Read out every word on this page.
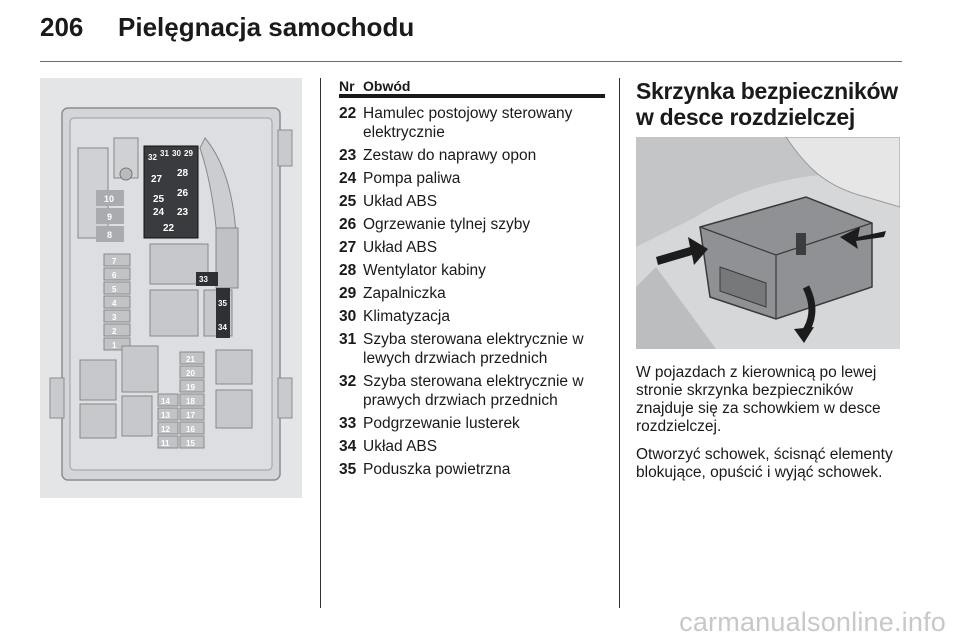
206	Pielęgnacja samochodu
32 31 30 29
27
28
26
25
24 23
22
10
9
8
7
6
5
4
3
2
1
33
35
34
21
20
19
18
17
16
14
13
12
11 15
Nr Obwód
22 Hamulec postojowy sterowany elektrycznie
23 Zestaw do naprawy opon
24 Pompa paliwa
25 Układ ABS
26 Ogrzewanie tylnej szyby
27 Układ ABS
28 Wentylator kabiny
29 Zapalniczka
30 Klimatyzacja
31 Szyba sterowana elektrycznie w lewych drzwiach przednich
32 Szyba sterowana elektrycznie w prawych drzwiach przednich
33 Podgrzewanie lusterek
34 Układ ABS
35 Poduszka powietrzna
Skrzynka bezpieczników w desce rozdzielczej

W pojazdach z kierownicą po lewej stronie skrzynka bezpieczników znajduje się za schowkiem w desce rozdzielczej.

Otworzyć schowek, ścisnąć elementy blokujące, opuścić i wyjąć schowek.

carmanualsonline.info
